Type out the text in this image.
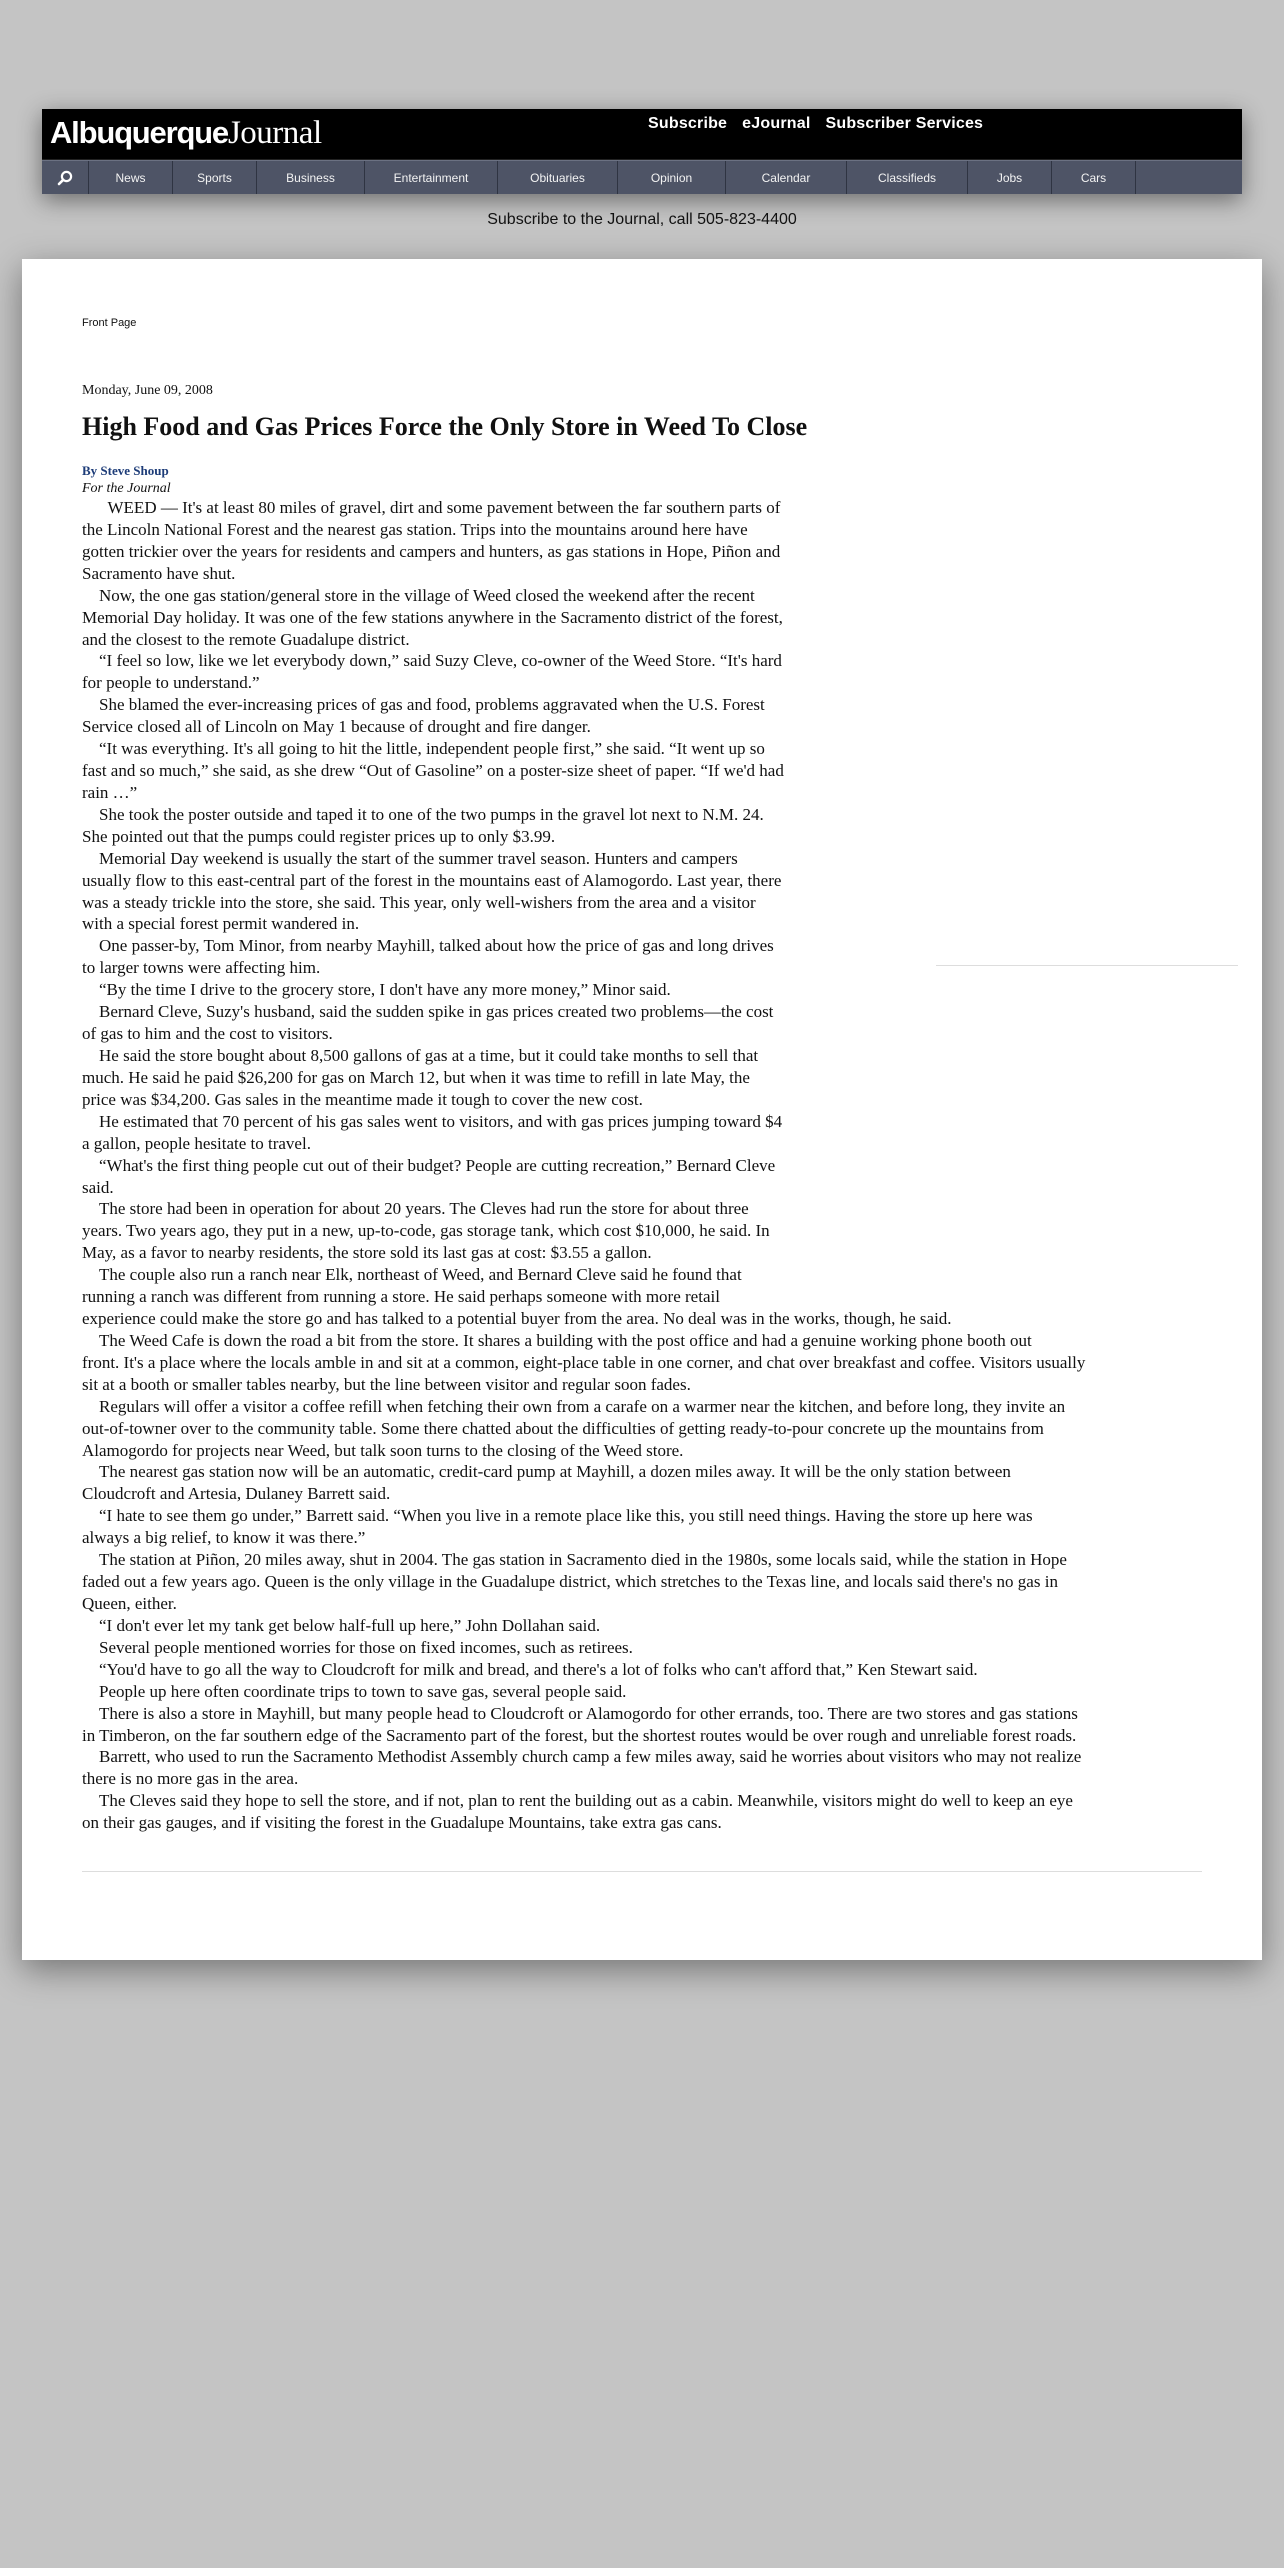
Albuquerque Journal	Subscribe eJournal Subscriber Services
News	Sports	Business	Entertainment	Obituaries	Opinion	Calendar	Classifieds	Jobs	Cars
Subscribe to the Journal, call 505-823-4400
Front Page
Monday, June 09, 2008
High Food and Gas Prices Force the Only Store in Weed To Close
By Steve Shoup
For the Journal
WEED — It's at least 80 miles of gravel, dirt and some pavement between the far southern parts of
the Lincoln National Forest and the nearest gas station. Trips into the mountains around here have
gotten trickier over the years for residents and campers and hunters, as gas stations in Hope, Piñon and
Sacramento have shut.
Now, the one gas station/general store in the village of Weed closed the weekend after the recent
Memorial Day holiday. It was one of the few stations anywhere in the Sacramento district of the forest,
and the closest to the remote Guadalupe district.
“I feel so low, like we let everybody down,” said Suzy Cleve, co-owner of the Weed Store. “It's hard
for people to understand.”
She blamed the ever-increasing prices of gas and food, problems aggravated when the U.S. Forest
Service closed all of Lincoln on May 1 because of drought and fire danger.
“It was everything. It's all going to hit the little, independent people first,” she said. “It went up so
fast and so much,” she said, as she drew “Out of Gasoline” on a poster-size sheet of paper. “If we'd had
rain …”
She took the poster outside and taped it to one of the two pumps in the gravel lot next to N.M. 24.
She pointed out that the pumps could register prices up to only $3.99.
Memorial Day weekend is usually the start of the summer travel season. Hunters and campers
usually flow to this east-central part of the forest in the mountains east of Alamogordo. Last year, there
was a steady trickle into the store, she said. This year, only well-wishers from the area and a visitor
with a special forest permit wandered in.
One passer-by, Tom Minor, from nearby Mayhill, talked about how the price of gas and long drives
to larger towns were affecting him.
“By the time I drive to the grocery store, I don't have any more money,” Minor said.
Bernard Cleve, Suzy's husband, said the sudden spike in gas prices created two problems—the cost
of gas to him and the cost to visitors.
He said the store bought about 8,500 gallons of gas at a time, but it could take months to sell that
much. He said he paid $26,200 for gas on March 12, but when it was time to refill in late May, the
price was $34,200. Gas sales in the meantime made it tough to cover the new cost.
He estimated that 70 percent of his gas sales went to visitors, and with gas prices jumping toward $4
a gallon, people hesitate to travel.
“What's the first thing people cut out of their budget? People are cutting recreation,” Bernard Cleve
said.
The store had been in operation for about 20 years. The Cleves had run the store for about three
years. Two years ago, they put in a new, up-to-code, gas storage tank, which cost $10,000, he said. In
May, as a favor to nearby residents, the store sold its last gas at cost: $3.55 a gallon.
The couple also run a ranch near Elk, northeast of Weed, and Bernard Cleve said he found that
running a ranch was different from running a store. He said perhaps someone with more retail
experience could make the store go and has talked to a potential buyer from the area. No deal was in the works, though, he said.
The Weed Cafe is down the road a bit from the store. It shares a building with the post office and had a genuine working phone booth out
front. It's a place where the locals amble in and sit at a common, eight-place table in one corner, and chat over breakfast and coffee. Visitors usually
sit at a booth or smaller tables nearby, but the line between visitor and regular soon fades.
Regulars will offer a visitor a coffee refill when fetching their own from a carafe on a warmer near the kitchen, and before long, they invite an
out-of-towner over to the community table. Some there chatted about the difficulties of getting ready-to-pour concrete up the mountains from
Alamogordo for projects near Weed, but talk soon turns to the closing of the Weed store.
The nearest gas station now will be an automatic, credit-card pump at Mayhill, a dozen miles away. It will be the only station between
Cloudcroft and Artesia, Dulaney Barrett said.
“I hate to see them go under,” Barrett said. “When you live in a remote place like this, you still need things. Having the store up here was
always a big relief, to know it was there.”
The station at Piñon, 20 miles away, shut in 2004. The gas station in Sacramento died in the 1980s, some locals said, while the station in Hope
faded out a few years ago. Queen is the only village in the Guadalupe district, which stretches to the Texas line, and locals said there's no gas in
Queen, either.
“I don't ever let my tank get below half-full up here,” John Dollahan said.
Several people mentioned worries for those on fixed incomes, such as retirees.
“You'd have to go all the way to Cloudcroft for milk and bread, and there's a lot of folks who can't afford that,” Ken Stewart said.
People up here often coordinate trips to town to save gas, several people said.
There is also a store in Mayhill, but many people head to Cloudcroft or Alamogordo for other errands, too. There are two stores and gas stations
in Timberon, on the far southern edge of the Sacramento part of the forest, but the shortest routes would be over rough and unreliable forest roads.
Barrett, who used to run the Sacramento Methodist Assembly church camp a few miles away, said he worries about visitors who may not realize
there is no more gas in the area.
The Cleves said they hope to sell the store, and if not, plan to rent the building out as a cabin. Meanwhile, visitors might do well to keep an eye
on their gas gauges, and if visiting the forest in the Guadalupe Mountains, take extra gas cans.
